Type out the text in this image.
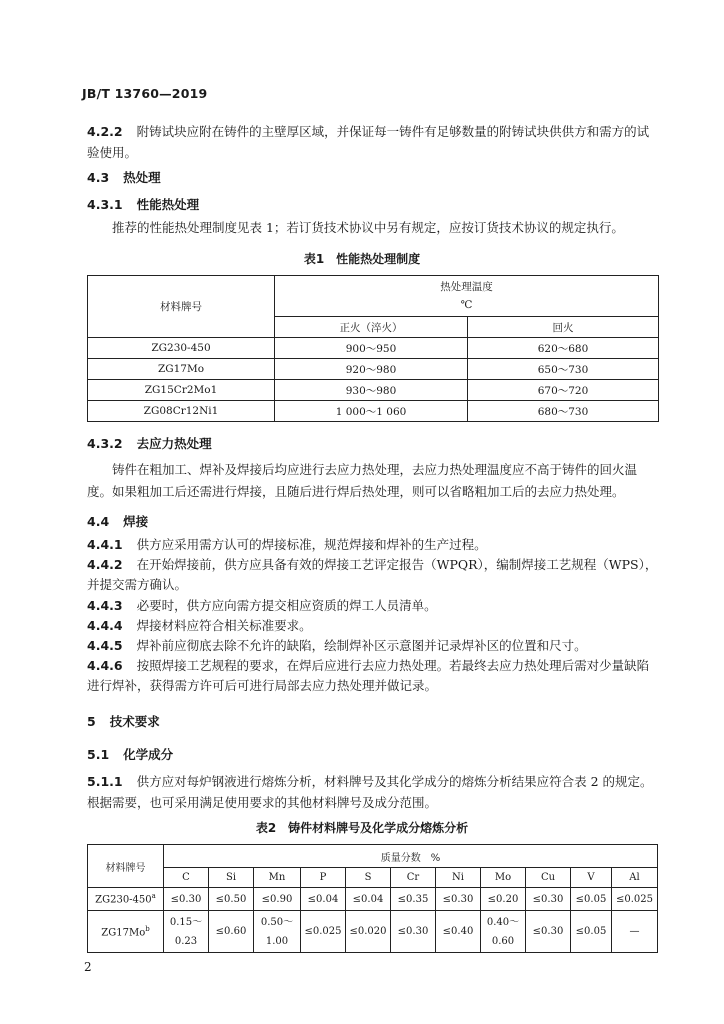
JB/T 13760—2019
4.2.2 附铸试块应附在铸件的主壁厚区域，并保证每一铸件有足够数量的附铸试块供供方和需方的试验使用。
4.3 热处理
4.3.1 性能热处理
推荐的性能热处理制度见表 1；若订货技术协议中另有规定，应按订货技术协议的规定执行。
表1　性能热处理制度
材料牌号	热处理温度
℃	

	正火（淬火）	回火
ZG230-450	900～950	620～680
ZG17Mo	920～980	650～730
ZG15Cr2Mo1	930～980	670～720
ZG08Cr12Ni1	1 000～1 060	680～730
4.3.2 去应力热处理
铸件在粗加工、焊补及焊接后均应进行去应力热处理，去应力热处理温度应不高于铸件的回火温度。如果粗加工后还需进行焊接，且随后进行焊后热处理，则可以省略粗加工后的去应力热处理。
4.4 焊接
4.4.1 供方应采用需方认可的焊接标准，规范焊接和焊补的生产过程。
4.4.2 在开始焊接前，供方应具备有效的焊接工艺评定报告（WPQR），编制焊接工艺规程（WPS），并提交需方确认。
4.4.3 必要时，供方应向需方提交相应资质的焊工人员清单。
4.4.4 焊接材料应符合相关标准要求。
4.4.5 焊补前应彻底去除不允许的缺陷，绘制焊补区示意图并记录焊补区的位置和尺寸。
4.4.6 按照焊接工艺规程的要求，在焊后应进行去应力热处理。若最终去应力热处理后需对少量缺陷进行焊补，获得需方许可后可进行局部去应力热处理并做记录。
5 技术要求
5.1 化学成分
5.1.1 供方应对每炉钢液进行熔炼分析，材料牌号及其化学成分的熔炼分析结果应符合表 2 的规定。根据需要，也可采用满足使用要求的其他材料牌号及成分范围。
表2　铸件材料牌号及化学成分熔炼分析
材料牌号	质量分数　%										
	C	Si	Mn	P	S	Cr	Ni	Mo	Cu	V	Al
$ZG230-450^a$	≤0.30	≤0.50	≤0.90	≤0.04	≤0.04	≤0.35	≤0.30	≤0.20	≤0.30	≤0.05	≤0.025
ZG17Mo$^b$	0.15～0.23	≤0.60	0.50～1.00	≤0.025	≤0.020	≤0.30	≤0.40	0.40～0.60	≤0.30	≤0.05	—
2
